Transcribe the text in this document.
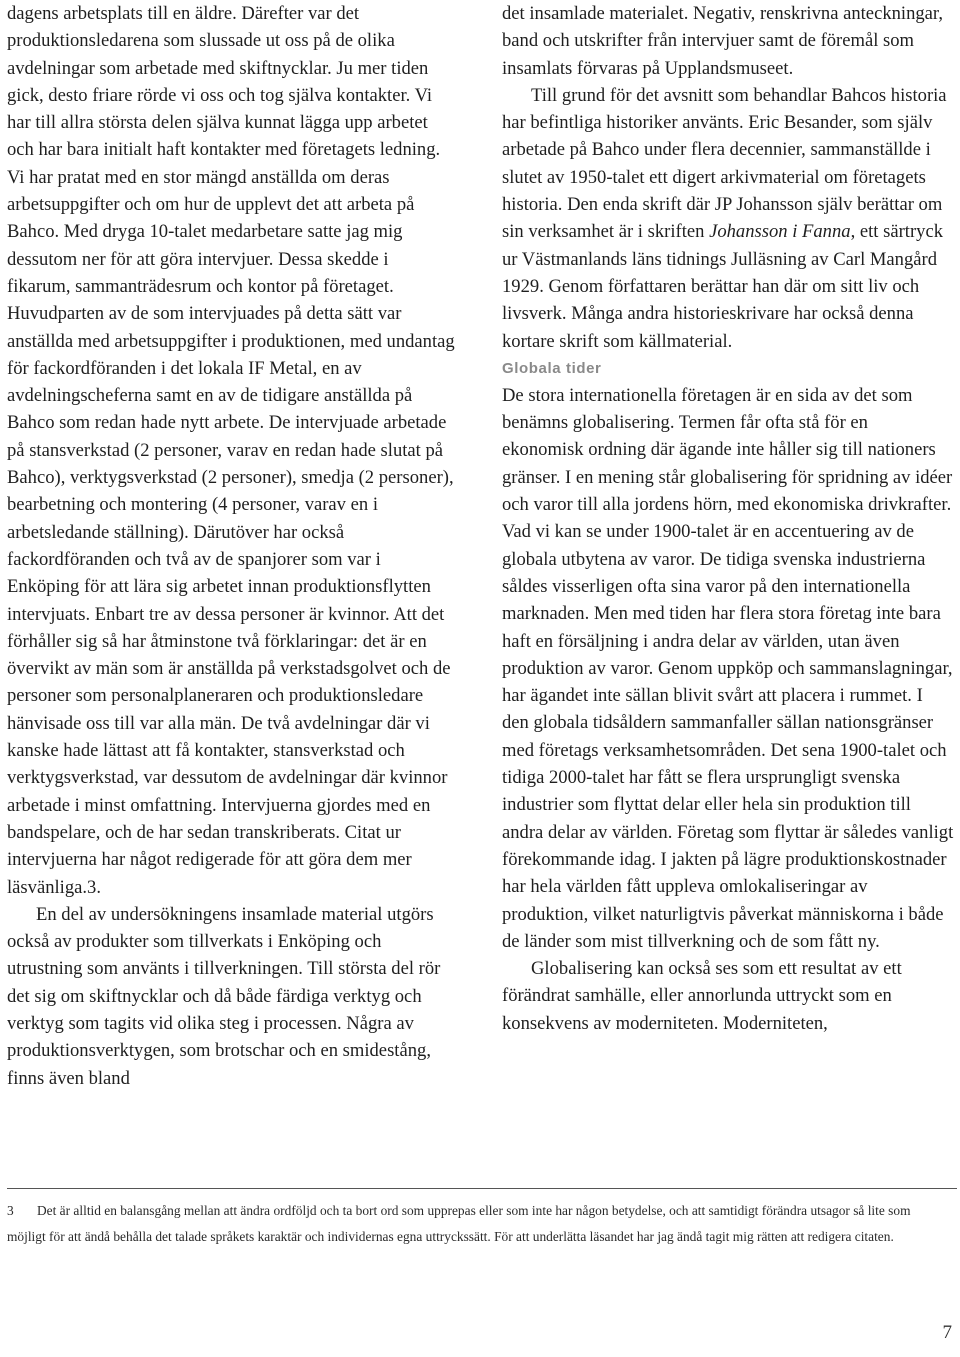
dagens arbetsplats till en äldre. Därefter var det produktionsledarena som slussade ut oss på de olika avdelningar som arbetade med skiftnycklar. Ju mer tiden gick, desto friare rörde vi oss och tog själva kontakter. Vi har till allra största delen själva kunnat lägga upp arbetet och har bara initialt haft kontakter med företagets ledning. Vi har pratat med en stor mängd anställda om deras arbetsuppgifter och om hur de upplevt det att arbeta på Bahco. Med dryga 10-talet medarbetare satte jag mig dessutom ner för att göra intervjuer. Dessa skedde i fikarum, sammanträdesrum och kontor på företaget. Huvudparten av de som intervjuades på detta sätt var anställda med arbetsuppgifter i produktionen, med undantag för fackordföranden i det lokala IF Metal, en av avdelningscheferna samt en av de tidigare anställda på Bahco som redan hade nytt arbete. De intervjuade arbetade på stansverkstad (2 personer, varav en redan hade slutat på Bahco), verktygsverkstad (2 personer), smedja (2 personer), bearbetning och montering (4 personer, varav en i arbetsledande ställning). Därutöver har också fackordföranden och två av de spanjorer som var i Enköping för att lära sig arbetet innan produktionsflytten intervjuats. Enbart tre av dessa personer är kvinnor. Att det förhåller sig så har åtminstone två förklaringar: det är en övervikt av män som är anställda på verkstadsgolvet och de personer som personalplaneraren och produktionsledare hänvisade oss till var alla män. De två avdelningar där vi kanske hade lättast att få kontakter, stansverkstad och verktygsverkstad, var dessutom de avdelningar där kvinnor arbetade i minst omfattning. Intervjuerna gjordes med en bandspelare, och de har sedan transkriberats. Citat ur intervjuerna har något redigerade för att göra dem mer läsvänliga.3.

En del av undersökningens insamlade material utgörs också av produkter som tillverkats i Enköping och utrustning som använts i tillverkningen. Till största del rör det sig om skiftnycklar och då både färdiga verktyg och verktyg som tagits vid olika steg i processen. Några av produktionsverktygen, som brotschar och en smidestång, finns även bland

det insamlade materialet. Negativ, renskrivna anteckningar, band och utskrifter från intervjuer samt de föremål som insamlats förvaras på Upplandsmuseet.

Till grund för det avsnitt som behandlar Bahcos historia har befintliga historiker använts. Eric Besander, som själv arbetade på Bahco under flera decennier, sammanställde i slutet av 1950-talet ett digert arkivmaterial om företagets historia. Den enda skrift där JP Johansson själv berättar om sin verksamhet är i skriften Johansson i Fanna, ett särtryck ur Västmanlands läns tidnings Julläsning av Carl Mangård 1929. Genom författaren berättar han där om sitt liv och livsverk. Många andra historieskrivare har också denna kortare skrift som källmaterial.

Globala tider

De stora internationella företagen är en sida av det som benämns globalisering. Termen får ofta stå för en ekonomisk ordning där ägande inte håller sig till nationers gränser. I en mening står globalisering för spridning av idéer och varor till alla jordens hörn, med ekonomiska drivkrafter. Vad vi kan se under 1900-talet är en accentuering av de globala utbytena av varor. De tidiga svenska industrierna såldes visserligen ofta sina varor på den internationella marknaden. Men med tiden har flera stora företag inte bara haft en försäljning i andra delar av världen, utan även produktion av varor. Genom uppköp och sammanslagningar, har ägandet inte sällan blivit svårt att placera i rummet. I den globala tidsåldern sammanfaller sällan nationsgränser med företags verksamhetsområden. Det sena 1900-talet och tidiga 2000-talet har fått se flera ursprungligt svenska industrier som flyttat delar eller hela sin produktion till andra delar av världen. Företag som flyttar är således vanligt förekommande idag. I jakten på lägre produktionskostnader har hela världen fått uppleva omlokaliseringar av produktion, vilket naturligtvis påverkat människorna i både de länder som mist tillverkning och de som fått ny.

Globalisering kan också ses som ett resultat av ett förändrat samhälle, eller annorlunda uttryckt som en konsekvens av moderniteten. Moderniteten,

3 Det är alltid en balansgång mellan att ändra ordföljd och ta bort ord som upprepas eller som inte har någon betydelse, och att samtidigt förändra utsagor så lite som möjligt för att ändå behålla det talade språkets karaktär och individernas egna uttryckssätt. För att underlätta läsandet har jag ändå tagit mig rätten att redigera citaten.
7
